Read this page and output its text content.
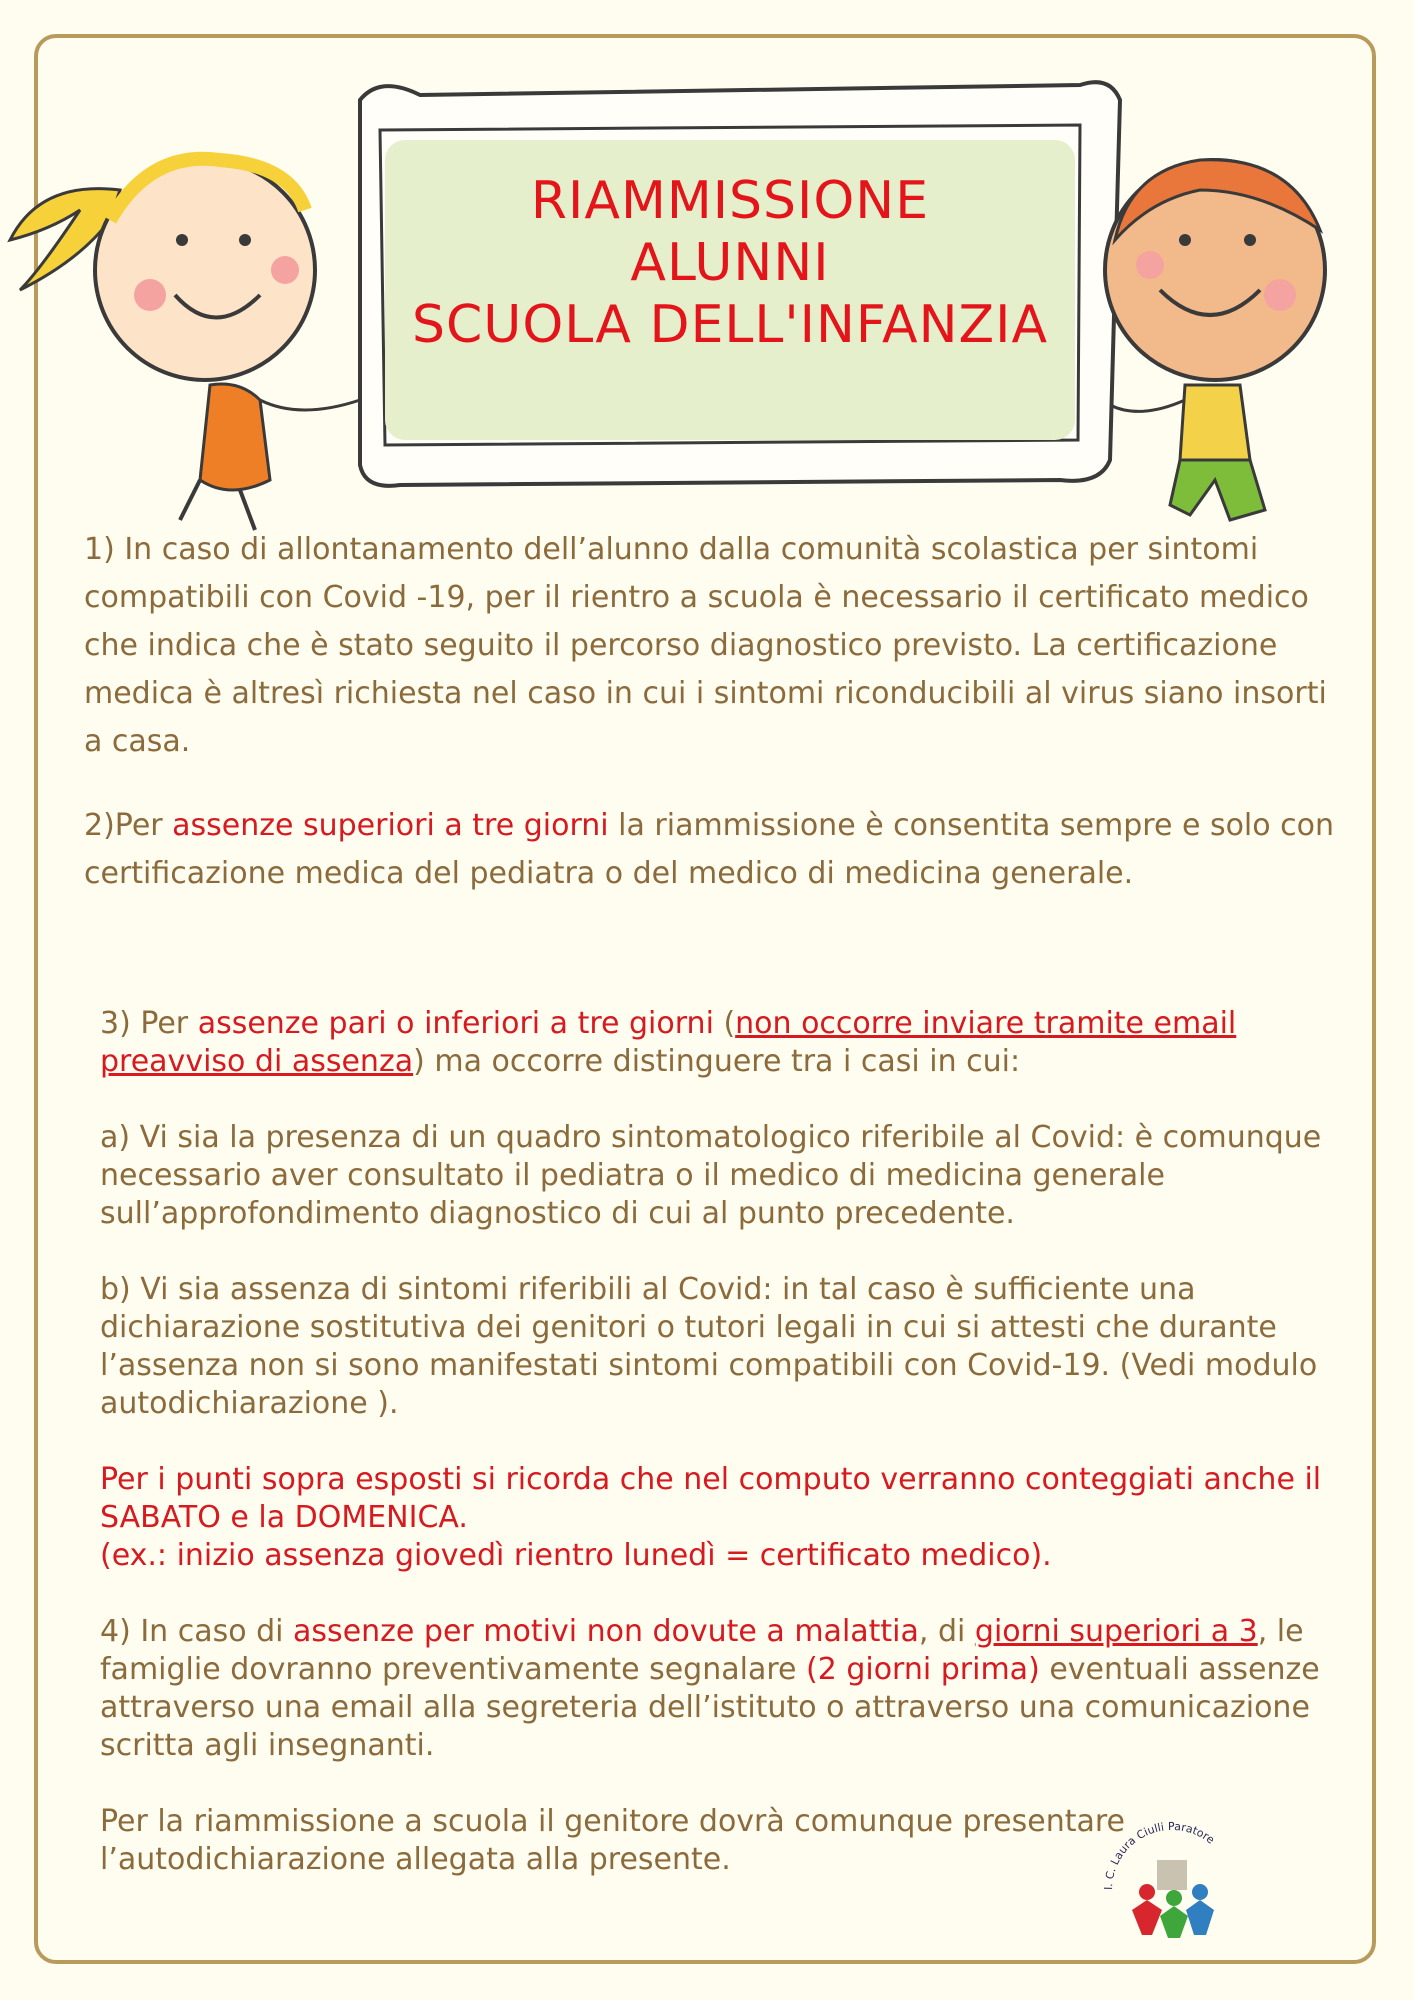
RIAMMISSIONE
ALUNNI
SCUOLA DELL'INFANZIA

1) In caso di allontanamento dell’alunno dalla comunità scolastica per sintomi compatibili con Covid -19, per il rientro a scuola è necessario il certificato medico che indica che è stato seguito il percorso diagnostico previsto. La certificazione medica è altresì richiesta nel caso in cui i sintomi riconducibili al virus siano insorti a casa.

2)Per assenze superiori a tre giorni la riammissione è consentita sempre e solo con certificazione medica del pediatra o del medico di medicina generale.

3) Per assenze pari o inferiori a tre giorni (non occorre inviare tramite email preavviso di assenza) ma occorre distinguere tra i casi in cui:

a) Vi sia la presenza di un quadro sintomatologico riferibile al Covid: è comunque necessario aver consultato il pediatra o il medico di medicina generale sull’approfondimento diagnostico di cui al punto precedente.

b) Vi sia assenza di sintomi riferibili al Covid: in tal caso è sufficiente una dichiarazione sostitutiva dei genitori o tutori legali in cui si attesti che durante l’assenza non si sono manifestati sintomi compatibili con Covid-19. (Vedi modulo autodichiarazione ).

Per i punti sopra esposti si ricorda che nel computo verranno conteggiati anche il SABATO e la DOMENICA.

(ex.: inizio assenza giovedì rientro lunedì = certificato medico).

4) In caso di assenze per motivi non dovute a malattia, di giorni superiori a 3, le famiglie dovranno preventivamente segnalare (2 giorni prima) eventuali assenze attraverso una email alla segreteria dell’istituto o attraverso una comunicazione scritta agli insegnanti.

Per la riammissione a scuola il genitore dovrà comunque presentare l’autodichiarazione allegata alla presente.

I. C. Laura Ciulli Paratore
